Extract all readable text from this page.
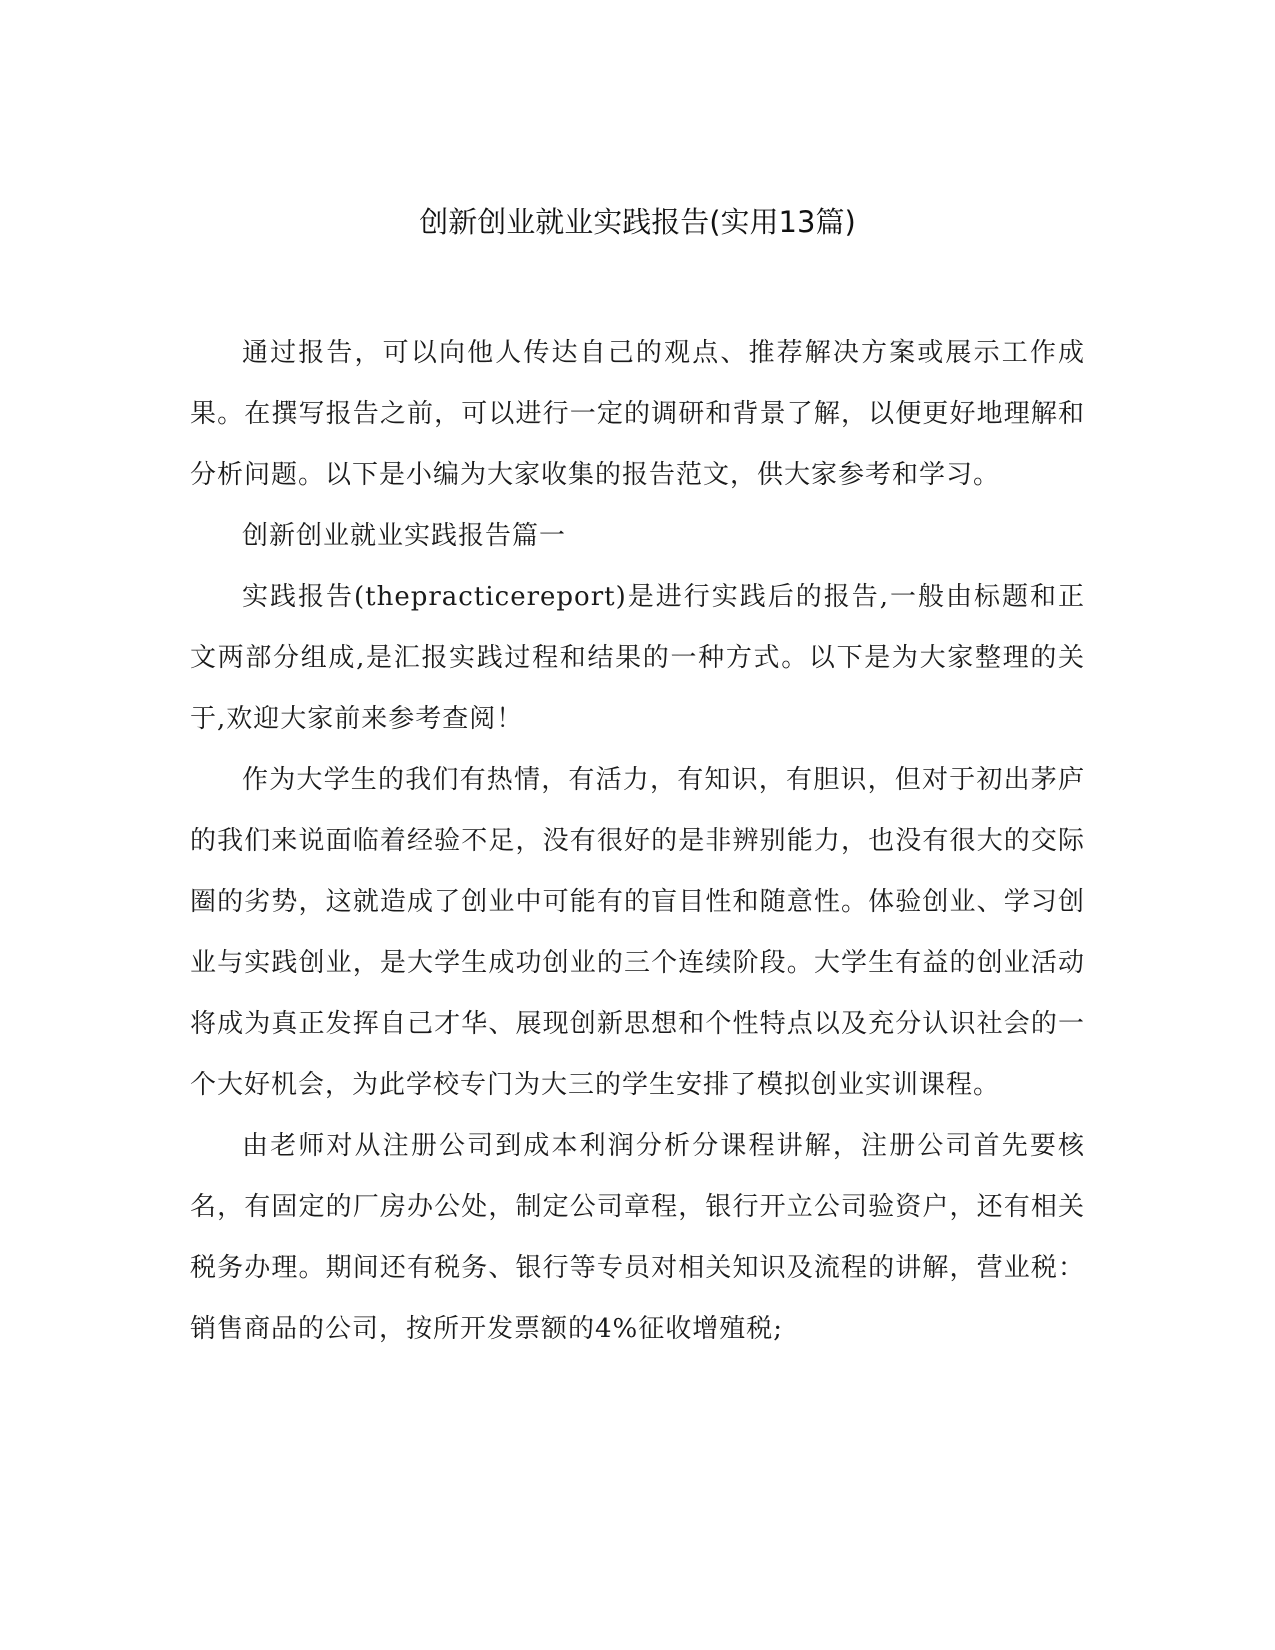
创新创业就业实践报告(实用13篇)

通过报告，可以向他人传达自己的观点、推荐解决方案或展示工作成果。在撰写报告之前，可以进行一定的调研和背景了解，以便更好地理解和分析问题。以下是小编为大家收集的报告范文，供大家参考和学习。

创新创业就业实践报告篇一

实践报告(thepracticereport)是进行实践后的报告,一般由标题和正文两部分组成,是汇报实践过程和结果的一种方式。以下是为大家整理的关于,欢迎大家前来参考查阅！

作为大学生的我们有热情，有活力，有知识，有胆识，但对于初出茅庐的我们来说面临着经验不足，没有很好的是非辨别能力，也没有很大的交际圈的劣势，这就造成了创业中可能有的盲目性和随意性。体验创业、学习创业与实践创业，是大学生成功创业的三个连续阶段。大学生有益的创业活动将成为真正发挥自己才华、展现创新思想和个性特点以及充分认识社会的一个大好机会，为此学校专门为大三的学生安排了模拟创业实训课程。

由老师对从注册公司到成本利润分析分课程讲解，注册公司首先要核名，有固定的厂房办公处，制定公司章程，银行开立公司验资户，还有相关税务办理。期间还有税务、银行等专员对相关知识及流程的讲解，营业税：销售商品的公司，按所开发票额的4%征收增殖税;
